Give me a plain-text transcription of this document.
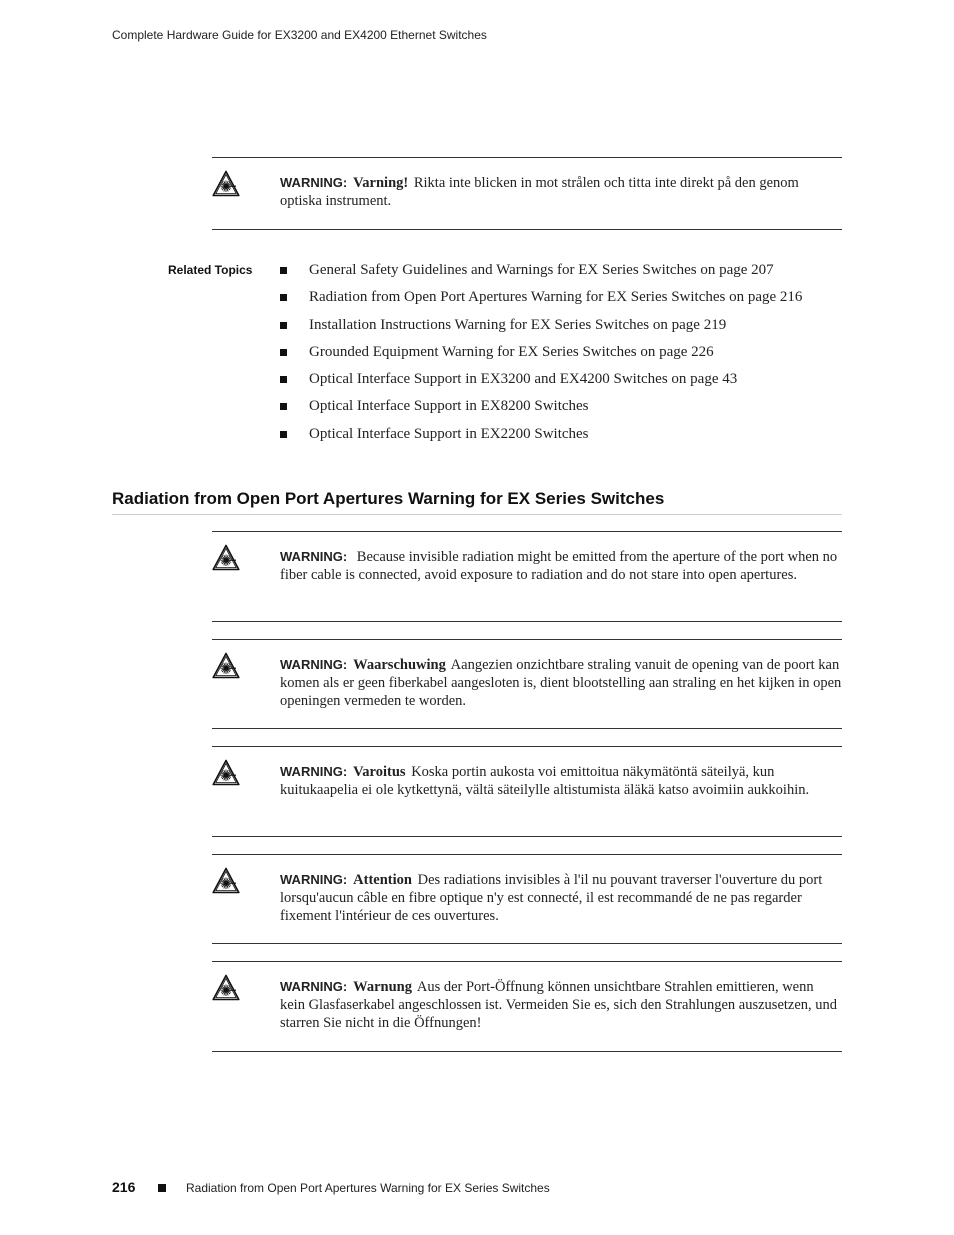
Complete Hardware Guide for EX3200 and EX4200 Ethernet Switches

WARNING: Varning! Rikta inte blicken in mot strålen och titta inte direkt på den genom optiska instrument.

Related Topics	General Safety Guidelines and Warnings for EX Series Switches on page 207
Radiation from Open Port Apertures Warning for EX Series Switches on page 216
Installation Instructions Warning for EX Series Switches on page 219
Grounded Equipment Warning for EX Series Switches on page 226
Optical Interface Support in EX3200 and EX4200 Switches on page 43
Optical Interface Support in EX8200 Switches
Optical Interface Support in EX2200 Switches
Radiation from Open Port Apertures Warning for EX Series Switches

WARNING: Because invisible radiation might be emitted from the aperture of the port when no fiber cable is connected, avoid exposure to radiation and do not stare into open apertures.

WARNING: Waarschuwing Aangezien onzichtbare straling vanuit de opening van de poort kan komen als er geen fiberkabel aangesloten is, dient blootstelling aan straling en het kijken in open openingen vermeden te worden.

WARNING: Varoitus Koska portin aukosta voi emittoitua näkymätöntä säteilyä, kun kuitukaapelia ei ole kytkettynä, vältä säteilylle altistumista äläkä katso avoimiin aukkoihin.

WARNING: Attention Des radiations invisibles à l'il nu pouvant traverser l'ouverture du port lorsqu'aucun câble en fibre optique n'y est connecté, il est recommandé de ne pas regarder fixement l'intérieur de ces ouvertures.

WARNING: Warnung Aus der Port-Öffnung können unsichtbare Strahlen emittieren, wenn kein Glasfaserkabel angeschlossen ist. Vermeiden Sie es, sich den Strahlungen auszusetzen, und starren Sie nicht in die Öffnungen!

216	Radiation from Open Port Apertures Warning for EX Series Switches
